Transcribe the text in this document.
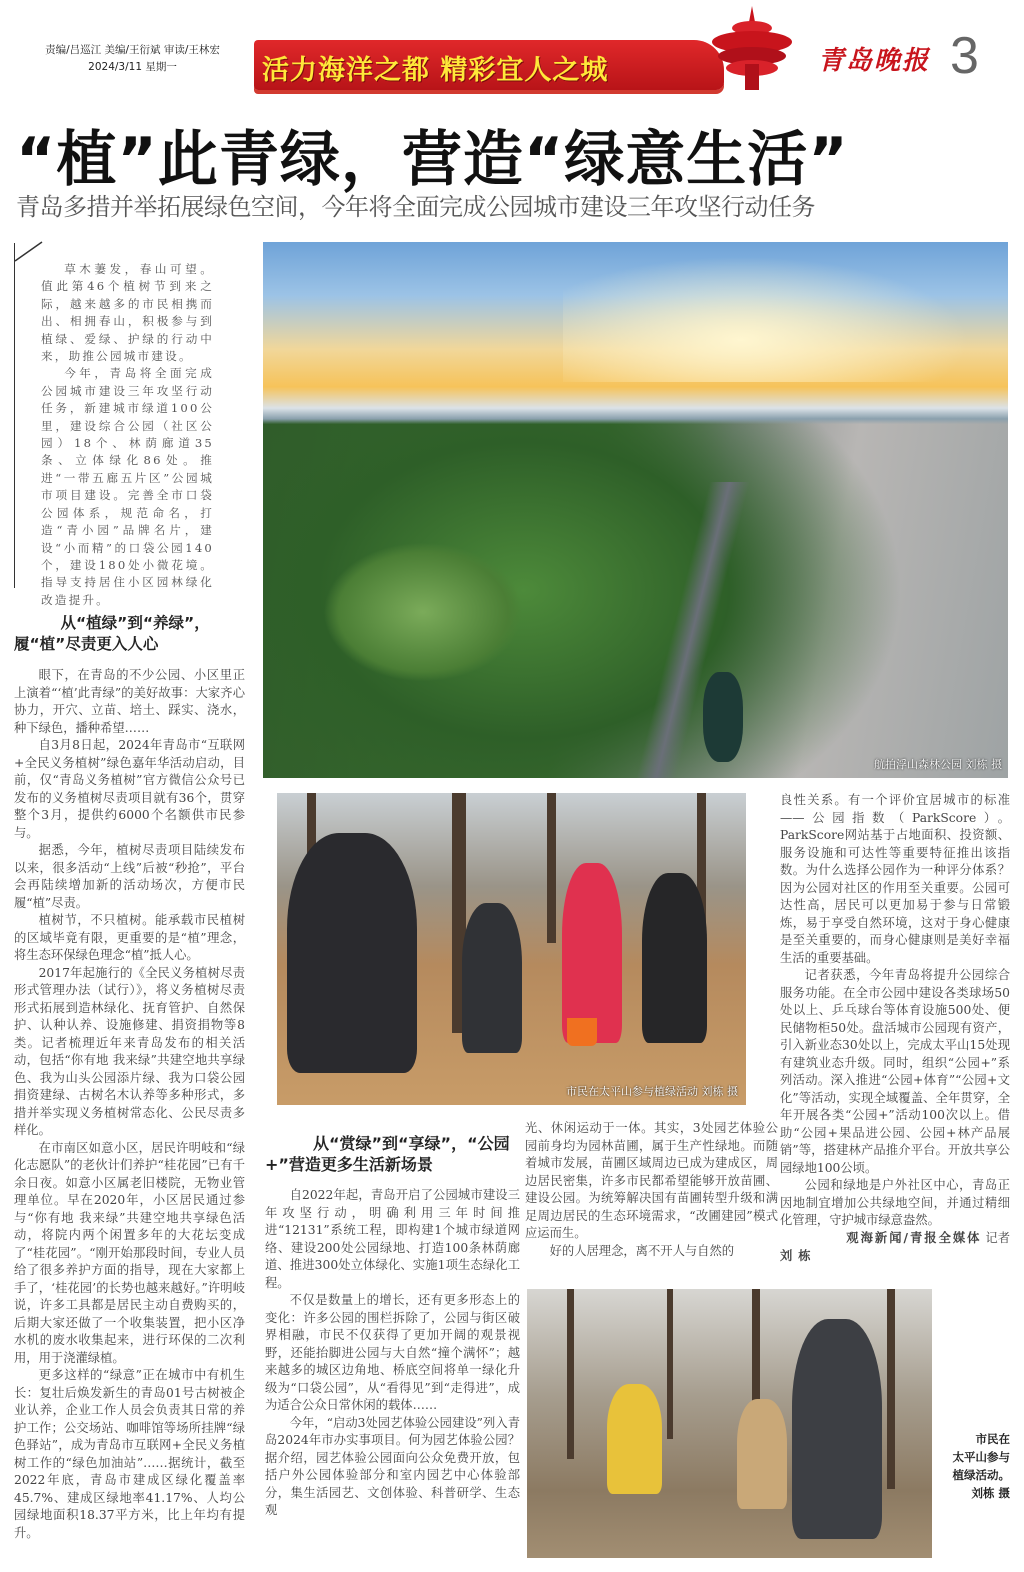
责编/吕巡江 美编/王衍斌 审读/王林宏
2024/3/11 星期一	活力海洋之都 精彩宜人之城	青岛晚报 3
“植”此青绿，营造“绿意生活”
青岛多措并举拓展绿色空间，今年将全面完成公园城市建设三年攻坚行动任务

草木萋发，春山可望。值此第46个植树节到来之际，越来越多的市民相携而出、相拥春山，积极参与到植绿、爱绿、护绿的行动中来，助推公园城市建设。

今年，青岛将全面完成公园城市建设三年攻坚行动任务，新建城市绿道100公里，建设综合公园（社区公园）18个、林荫廊道35条、立体绿化86处。推进“一带五廊五片区”公园城市项目建设。完善全市口袋公园体系，规范命名，打造“青小园”品牌名片，建设“小而精”的口袋公园140个，建设180处小微花境。指导支持居住小区园林绿化改造提升。

从“植绿”到“养绿”，履“植”尽责更入人心

眼下，在青岛的不少公园、小区里正上演着“‘植’此青绿”的美好故事：大家齐心协力，开穴、立苗、培土、踩实、浇水，种下绿色，播种希望……

自3月8日起，2024年青岛市“互联网+全民义务植树”绿色嘉年华活动启动，目前，仅“青岛义务植树”官方微信公众号已发布的义务植树尽责项目就有36个，贯穿整个3月，提供约6000个名额供市民参与。

据悉，今年，植树尽责项目陆续发布以来，很多活动“上线”后被“秒抢”，平台会再陆续增加新的活动场次，方便市民履“植”尽责。

植树节，不只植树。能承载市民植树的区域毕竟有限，更重要的是“植”理念，将生态环保绿色理念“植”抵人心。

2017年起施行的《全民义务植树尽责形式管理办法（试行）》，将义务植树尽责形式拓展到造林绿化、抚育管护、自然保护、认种认养、设施修建、捐资捐物等8类。记者梳理近年来青岛发布的相关活动，包括“你有地 我来绿”共建空地共享绿色、我为山头公园添片绿、我为口袋公园捐资建绿、古树名木认养等多种形式，多措并举实现义务植树常态化、公民尽责多样化。

在市南区如意小区，居民许明岐和“绿化志愿队”的老伙计们养护“桂花园”已有千余日夜。如意小区属老旧楼院，无物业管理单位。早在2020年，小区居民通过参与“你有地 我来绿”共建空地共享绿色活动，将院内两个闲置多年的大花坛变成了“桂花园”。“刚开始那段时间，专业人员给了很多养护方面的指导，现在大家都上手了，‘桂花园’的长势也越来越好。”许明岐说，许多工具都是居民主动自费购买的，后期大家还做了一个收集装置，把小区净水机的废水收集起来，进行环保的二次利用，用于浇灌绿植。

更多这样的“绿意”正在城市中有机生长：复壮后焕发新生的青岛01号古树被企业认养，企业工作人员会负责其日常的养护工作；公交场站、咖啡馆等场所挂牌“绿色驿站”，成为青岛市互联网+全民义务植树工作的“绿色加油站”……据统计，截至2022年底，青岛市建成区绿化覆盖率45.7%、建成区绿地率41.17%、人均公园绿地面积18.37平方米，比上年均有提升。

航拍浮山森林公园 刘栋 摄
市民在太平山参与植绿活动 刘栋 摄
从“赏绿”到“享绿”，“公园+”营造更多生活新场景

自2022年起，青岛开启了公园城市建设三年攻坚行动，明确利用三年时间推进“12131”系统工程，即构建1个城市绿道网络、建设200处公园绿地、打造100条林荫廊道、推进300处立体绿化、实施1项生态绿化工程。

不仅是数量上的增长，还有更多形态上的变化：许多公园的围栏拆除了，公园与街区破界相融，市民不仅获得了更加开阔的观景视野，还能抬脚进公园与大自然“撞个满怀”；越来越多的城区边角地、桥底空间将单一绿化升级为“口袋公园”，从“看得见”到“走得进”，成为适合公众日常休闲的载体……

今年，“启动3处园艺体验公园建设”列入青岛2024年市办实事项目。何为园艺体验公园？据介绍，园艺体验公园面向公众免费开放，包括户外公园体验部分和室内园艺中心体验部分，集生活园艺、文创体验、科普研学、生态观

光、休闲运动于一体。其实，3处园艺体验公园前身均为园林苗圃，属于生产性绿地。而随着城市发展，苗圃区域周边已成为建成区，周边居民密集，许多市民都希望能够开放苗圃、建设公园。为统筹解决国有苗圃转型升级和满足周边居民的生态环境需求，“改圃建园”模式应运而生。

好的人居理念，离不开人与自然的

良性关系。有一个评价宜居城市的标准——公园指数（ParkScore）。ParkScore网站基于占地面积、投资额、服务设施和可达性等重要特征推出该指数。为什么选择公园作为一种评分体系？因为公园对社区的作用至关重要。公园可达性高，居民可以更加易于参与日常锻炼，易于享受自然环境，这对于身心健康是至关重要的，而身心健康则是美好幸福生活的重要基础。

记者获悉，今年青岛将提升公园综合服务功能。在全市公园中建设各类球场50处以上、乒乓球台等体育设施500处、便民储物柜50处。盘活城市公园现有资产，引入新业态30处以上，完成太平山15处现有建筑业态升级。同时，组织“公园+”系列活动。深入推进“公园+体育”“公园+文化”等活动，实现全域覆盖、全年贯穿，全年开展各类“公园+”活动100次以上。借助“公园+果品进公园、公园+林产品展销”等，搭建林产品推介平台。开放共享公园绿地100公顷。

公园和绿地是户外社区中心，青岛正因地制宜增加公共绿地空间，并通过精细化管理，守护城市绿意盎然。

观海新闻/青报全媒体 记者
刘栋
市民在
太平山参与
植绿活动。
刘栋 摄
